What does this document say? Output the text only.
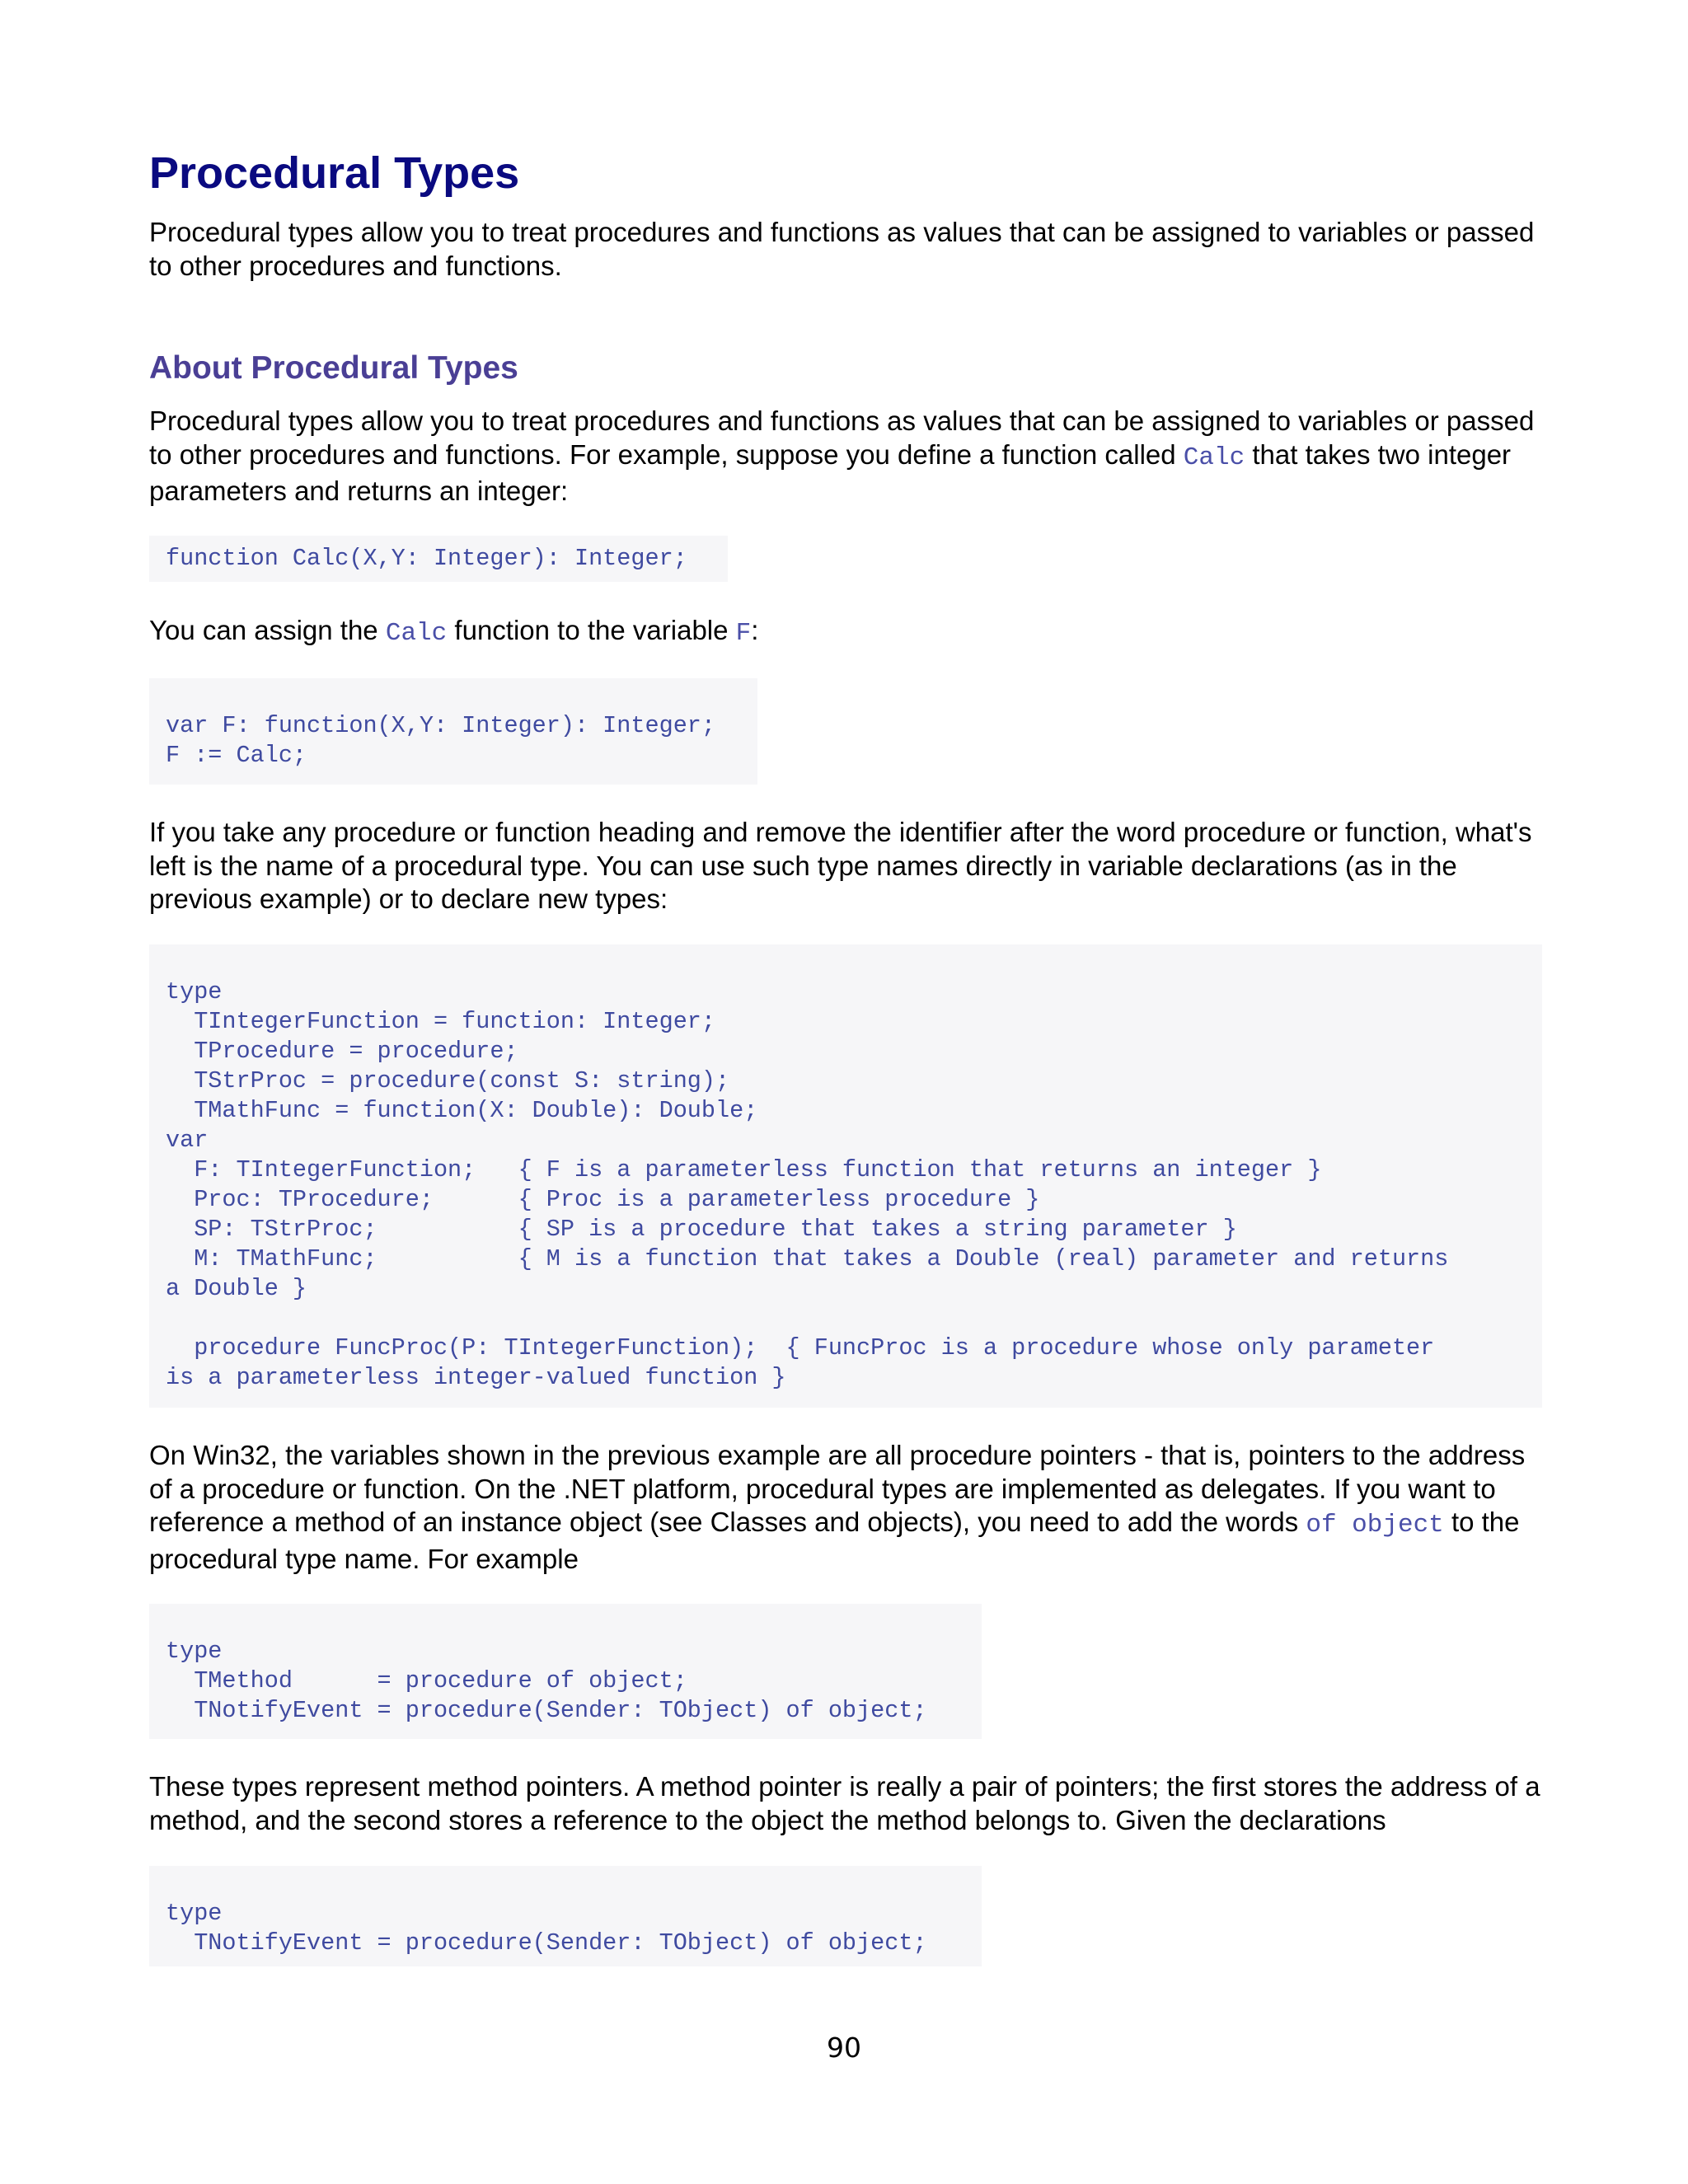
Procedural Types

Procedural types allow you to treat procedures and functions as values that can be assigned to variables or passed to other procedures and functions.

About Procedural Types

Procedural types allow you to treat procedures and functions as values that can be assigned to variables or passed to other procedures and functions. For example, suppose you define a function called Calc that takes two integer parameters and returns an integer:

function Calc(X,Y: Integer): Integer;

You can assign the Calc function to the variable F:

var F: function(X,Y: Integer): Integer;
F := Calc;

If you take any procedure or function heading and remove the identifier after the word procedure or function, what's left is the name of a procedural type. You can use such type names directly in variable declarations (as in the previous example) or to declare new types:

type
TIntegerFunction = function: Integer;
TProcedure = procedure;
TStrProc = procedure(const S: string);
TMathFunc = function(X: Double): Double;
var
F: TIntegerFunction;   { F is a parameterless function that returns an integer }
Proc: TProcedure;      { Proc is a parameterless procedure }
SP: TStrProc;          { SP is a procedure that takes a string parameter }
M: TMathFunc;          { M is a function that takes a Double (real) parameter and returns
a Double }

procedure FuncProc(P: TIntegerFunction);  { FuncProc is a procedure whose only parameter
is a parameterless integer-valued function }

On Win32, the variables shown in the previous example are all procedure pointers - that is, pointers to the address of a procedure or function. On the .NET platform, procedural types are implemented as delegates. If you want to reference a method of an instance object (see Classes and objects), you need to add the words of object to the procedural type name. For example

type
TMethod      = procedure of object;
TNotifyEvent = procedure(Sender: TObject) of object;

These types represent method pointers. A method pointer is really a pair of pointers; the first stores the address of a method, and the second stores a reference to the object the method belongs to. Given the declarations

type
TNotifyEvent = procedure(Sender: TObject) of object;
90
